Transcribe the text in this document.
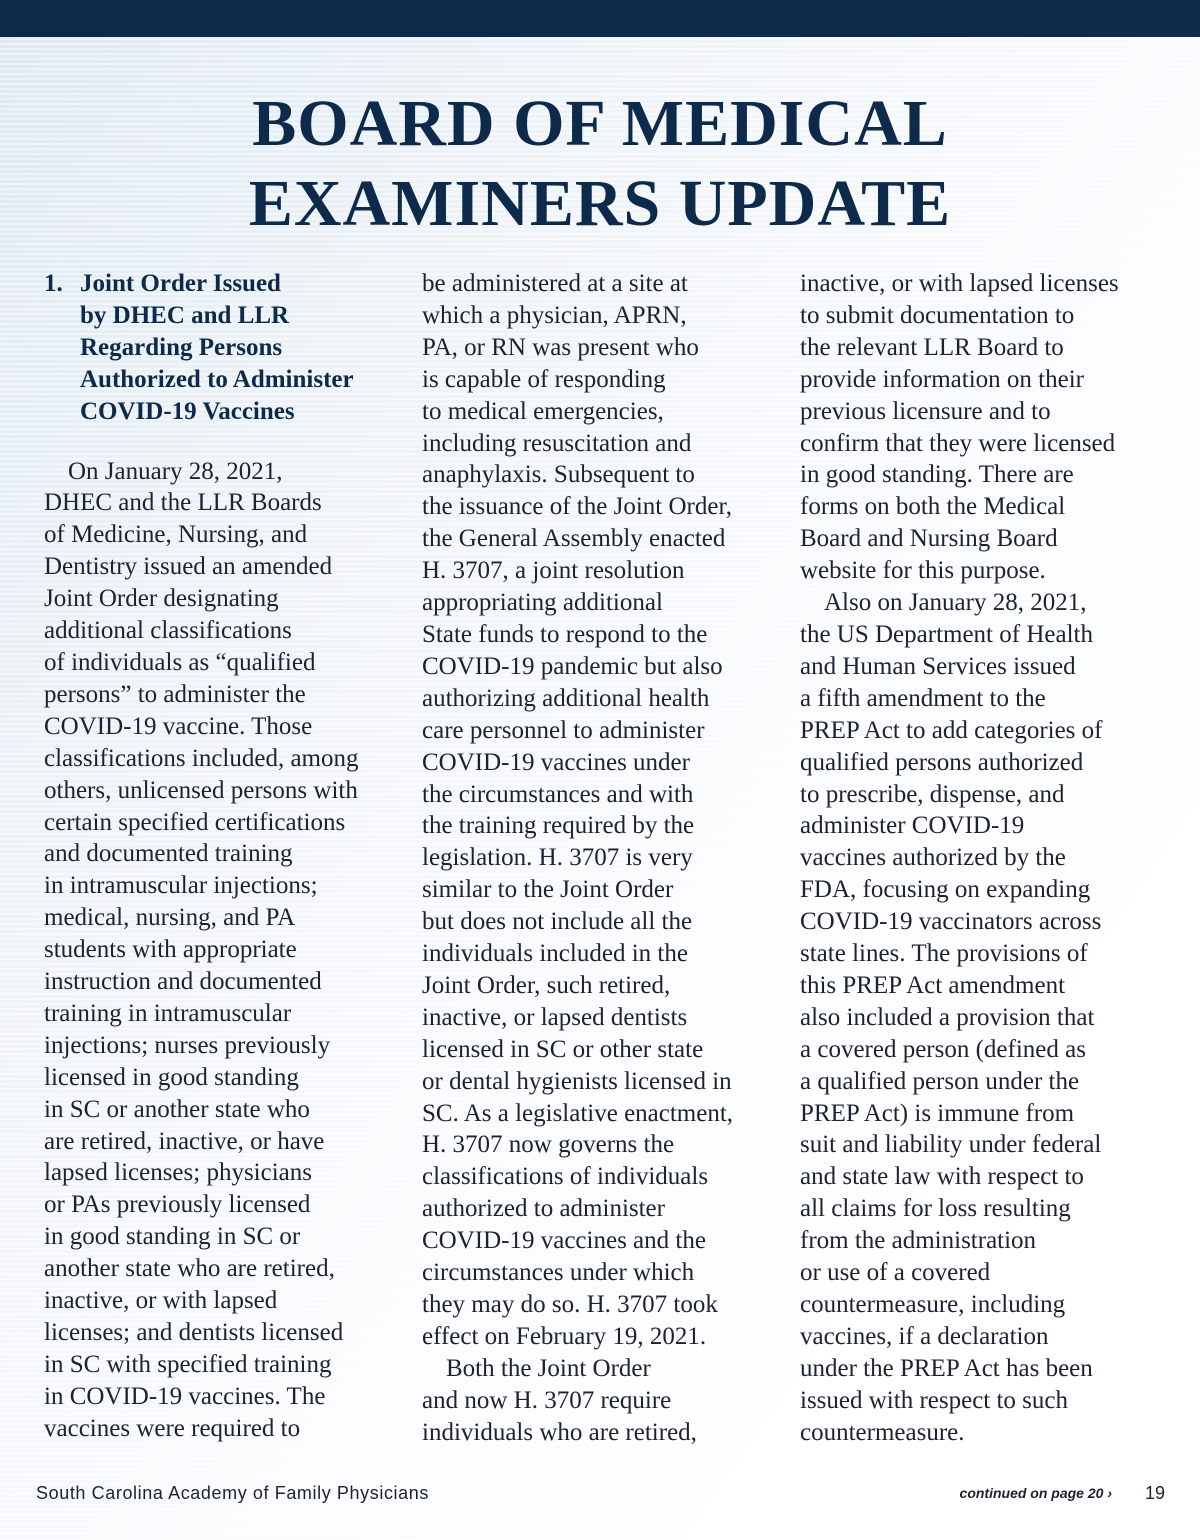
BOARD OF MEDICAL
EXAMINERS UPDATE

1. Joint Order Issued
by DHEC and LLR
Regarding Persons
Authorized to Administer
COVID-19 Vaccines

On January 28, 2021,
DHEC and the LLR Boards
of Medicine, Nursing, and
Dentistry issued an amended
Joint Order designating
additional classifications
of individuals as “qualified
persons” to administer the
COVID-19 vaccine. Those
classifications included, among
others, unlicensed persons with
certain specified certifications
and documented training
in intramuscular injections;
medical, nursing, and PA
students with appropriate
instruction and documented
training in intramuscular
injections; nurses previously
licensed in good standing
in SC or another state who
are retired, inactive, or have
lapsed licenses; physicians
or PAs previously licensed
in good standing in SC or
another state who are retired,
inactive, or with lapsed
licenses; and dentists licensed
in SC with specified training
in COVID-19 vaccines. The
vaccines were required to

be administered at a site at
which a physician, APRN,
PA, or RN was present who
is capable of responding
to medical emergencies,
including resuscitation and
anaphylaxis. Subsequent to
the issuance of the Joint Order,
the General Assembly enacted
H. 3707, a joint resolution
appropriating additional
State funds to respond to the
COVID-19 pandemic but also
authorizing additional health
care personnel to administer
COVID-19 vaccines under
the circumstances and with
the training required by the
legislation. H. 3707 is very
similar to the Joint Order
but does not include all the
individuals included in the
Joint Order, such retired,
inactive, or lapsed dentists
licensed in SC or other state
or dental hygienists licensed in
SC. As a legislative enactment,
H. 3707 now governs the
classifications of individuals
authorized to administer
COVID-19 vaccines and the
circumstances under which
they may do so. H. 3707 took
effect on February 19, 2021.

Both the Joint Order
and now H. 3707 require
individuals who are retired,

inactive, or with lapsed licenses
to submit documentation to
the relevant LLR Board to
provide information on their
previous licensure and to
confirm that they were licensed
in good standing. There are
forms on both the Medical
Board and Nursing Board
website for this purpose.

Also on January 28, 2021,
the US Department of Health
and Human Services issued
a fifth amendment to the
PREP Act to add categories of
qualified persons authorized
to prescribe, dispense, and
administer COVID-19
vaccines authorized by the
FDA, focusing on expanding
COVID-19 vaccinators across
state lines. The provisions of
this PREP Act amendment
also included a provision that
a covered person (defined as
a qualified person under the
PREP Act) is immune from
suit and liability under federal
and state law with respect to
all claims for loss resulting
from the administration
or use of a covered
countermeasure, including
vaccines, if a declaration
under the PREP Act has been
issued with respect to such
countermeasure.

South Carolina Academy of Family Physicians	continued on page 20 › 19
